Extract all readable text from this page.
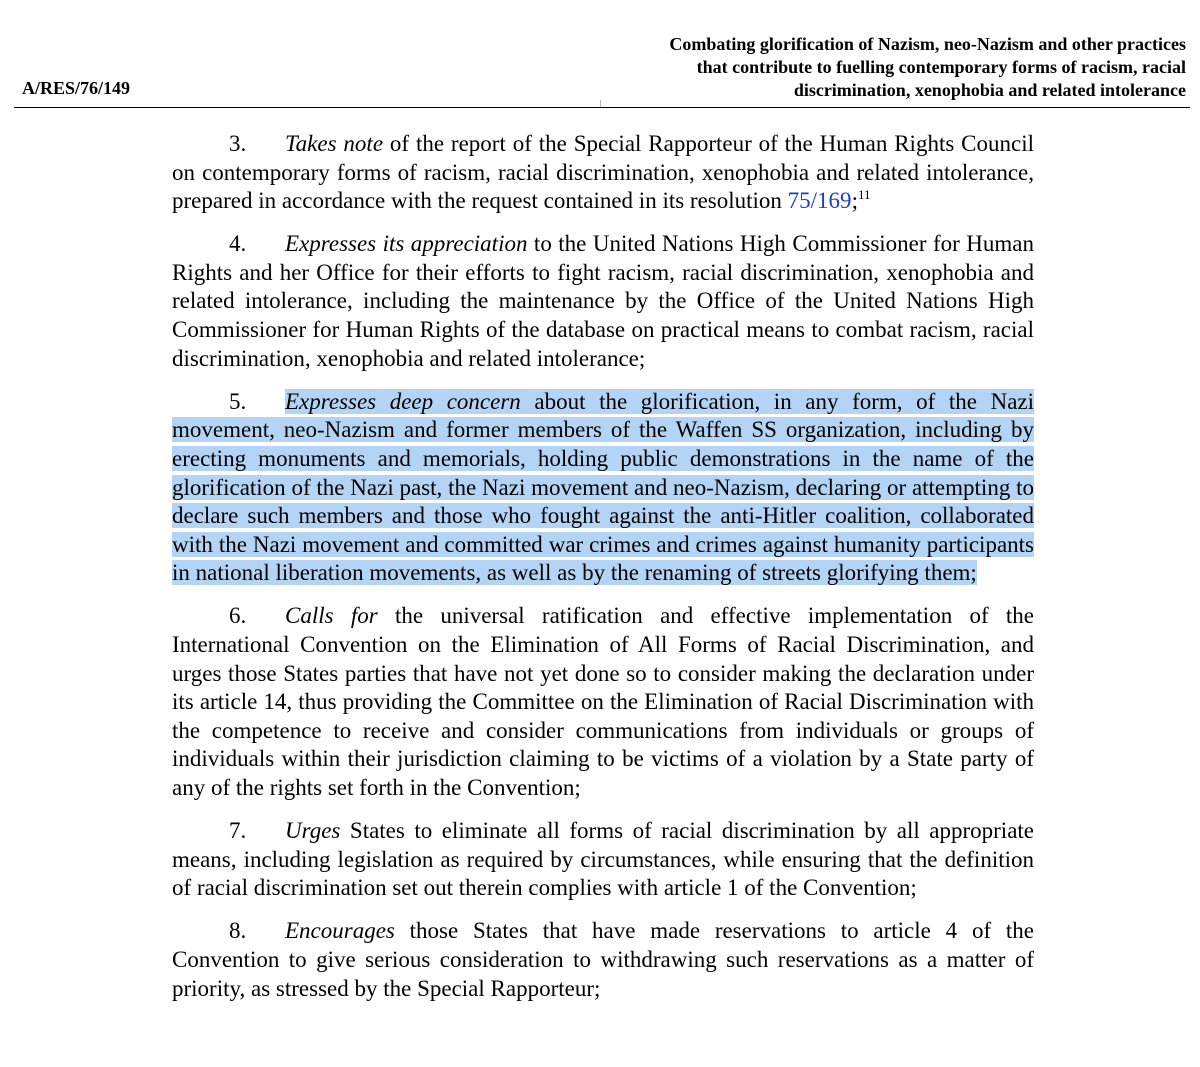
A/RES/76/149
Combating glorification of Nazism, neo-Nazism and other practices
that contribute to fuelling contemporary forms of racism, racial
discrimination, xenophobia and related intolerance

3. Takes note of the report of the Special Rapporteur of the Human Rights Council on contemporary forms of racism, racial discrimination, xenophobia and related intolerance, prepared in accordance with the request contained in its resolution 75/169;$^{11}$

4. Expresses its appreciation to the United Nations High Commissioner for Human Rights and her Office for their efforts to fight racism, racial discrimination, xenophobia and related intolerance, including the maintenance by the Office of the United Nations High Commissioner for Human Rights of the database on practical means to combat racism, racial discrimination, xenophobia and related intolerance;

5. Expresses deep concern about the glorification, in any form, of the Nazi movement, neo-Nazism and former members of the Waffen SS organization, including by erecting monuments and memorials, holding public demonstrations in the name of the glorification of the Nazi past, the Nazi movement and neo-Nazism, declaring or attempting to declare such members and those who fought against the anti-Hitler coalition, collaborated with the Nazi movement and committed war crimes and crimes against humanity participants in national liberation movements, as well as by the renaming of streets glorifying them;

6. Calls for the universal ratification and effective implementation of the International Convention on the Elimination of All Forms of Racial Discrimination, and urges those States parties that have not yet done so to consider making the declaration under its article 14, thus providing the Committee on the Elimination of Racial Discrimination with the competence to receive and consider communications from individuals or groups of individuals within their jurisdiction claiming to be victims of a violation by a State party of any of the rights set forth in the Convention;

7. Urges States to eliminate all forms of racial discrimination by all appropriate means, including legislation as required by circumstances, while ensuring that the definition of racial discrimination set out therein complies with article 1 of the Convention;

8. Encourages those States that have made reservations to article 4 of the Convention to give serious consideration to withdrawing such reservations as a matter of priority, as stressed by the Special Rapporteur;
